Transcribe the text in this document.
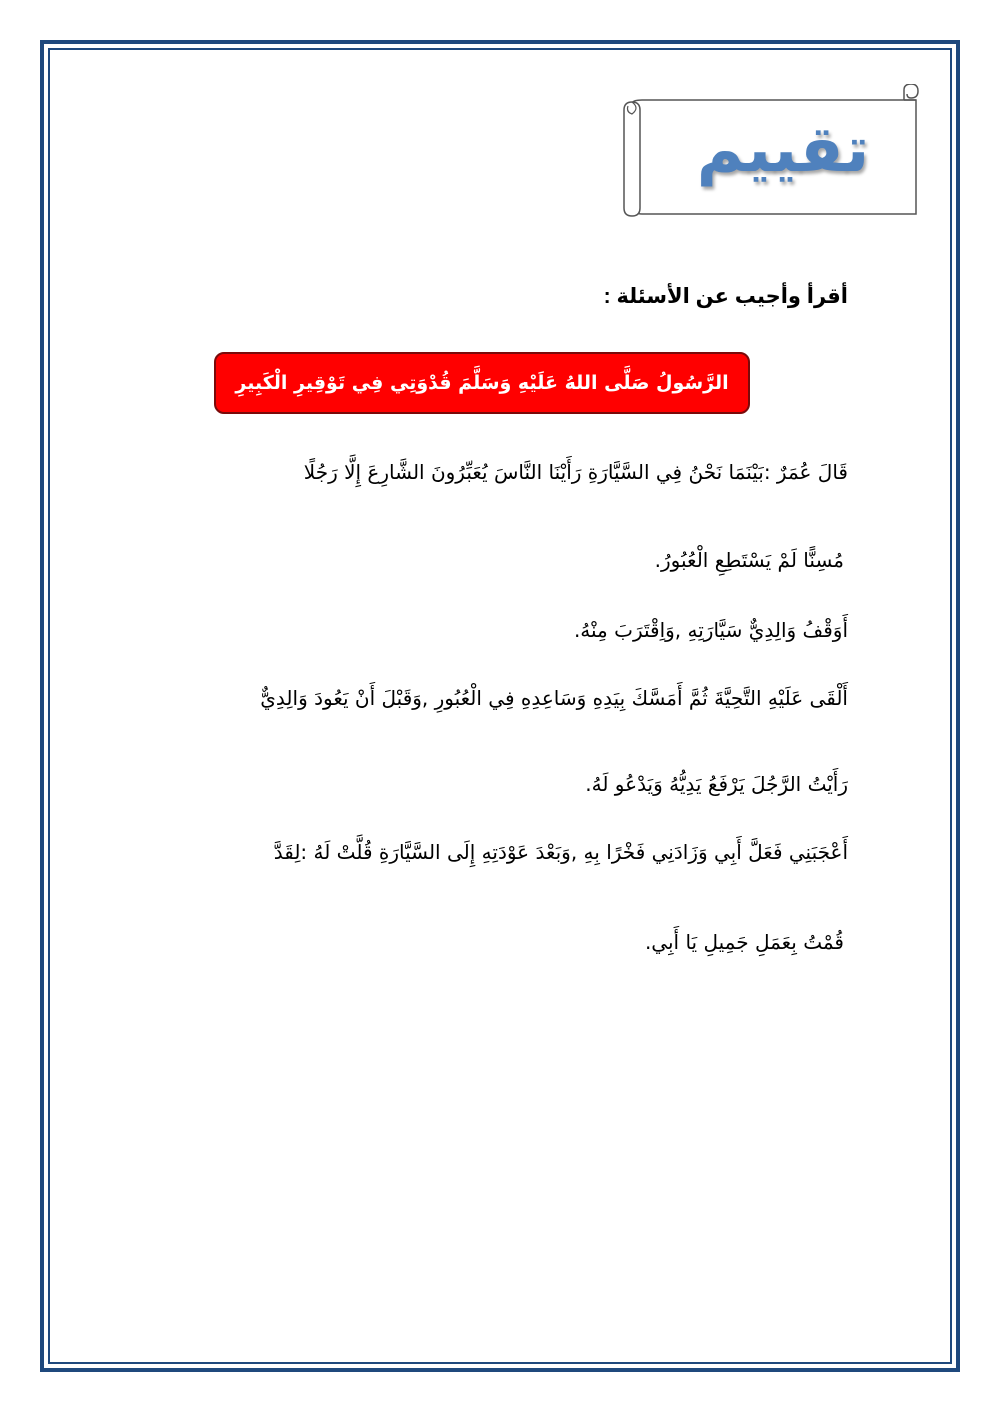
تقييم
أقرأ وأجيب عن الأسئلة :
الرَّسُولُ صَلَّى اللهُ عَلَيْهِ وَسَلَّمَ قُدْوَتِي فِي تَوْقِيرِ الْكَبِيرِ
قَالَ عُمَرٌ :بَيْنَمَا نَحْنُ فِي السَّيَّارَةِ رَأَيْنَا النَّاسَ يُعَبِّرُونَ الشَّارِعَ إِلَّا رَجُلًا
مُسِنًّا لَمْ يَسْتَطِعِ الْعُبُورُ.
أَوَقْفُ وَالِدِيٌّ سَيَّارَتِهِ ,وَاِقْتَرَبَ مِنْهُ.
أَلْقَى عَلَيْهِ التَّحِيَّةَ ثُمَّ أَمَسَّكَ بِيَدِهِ وَسَاعِدِهِ فِي الْعُبُورِ ,وَقَبْلَ أَنْ يَعُودَ وَالِدِيٌّ
رَأَيْتُ الرَّجُلَ يَرْفَعُ يَدِيُّهُ وَيَدْعُو لَهُ.
أَعْجَبَنِي فَعَلَّ أَبِي وَزَادَنِي فَخْرًا بِهِ ,وَبَعْدَ عَوْدَتِهِ إِلَى السَّيَّارَةِ قُلَّتْ لَهُ :لِقَدَّ
قُمْتُ بِعَمَلِ جَمِيلِ يَا أَبِي.
